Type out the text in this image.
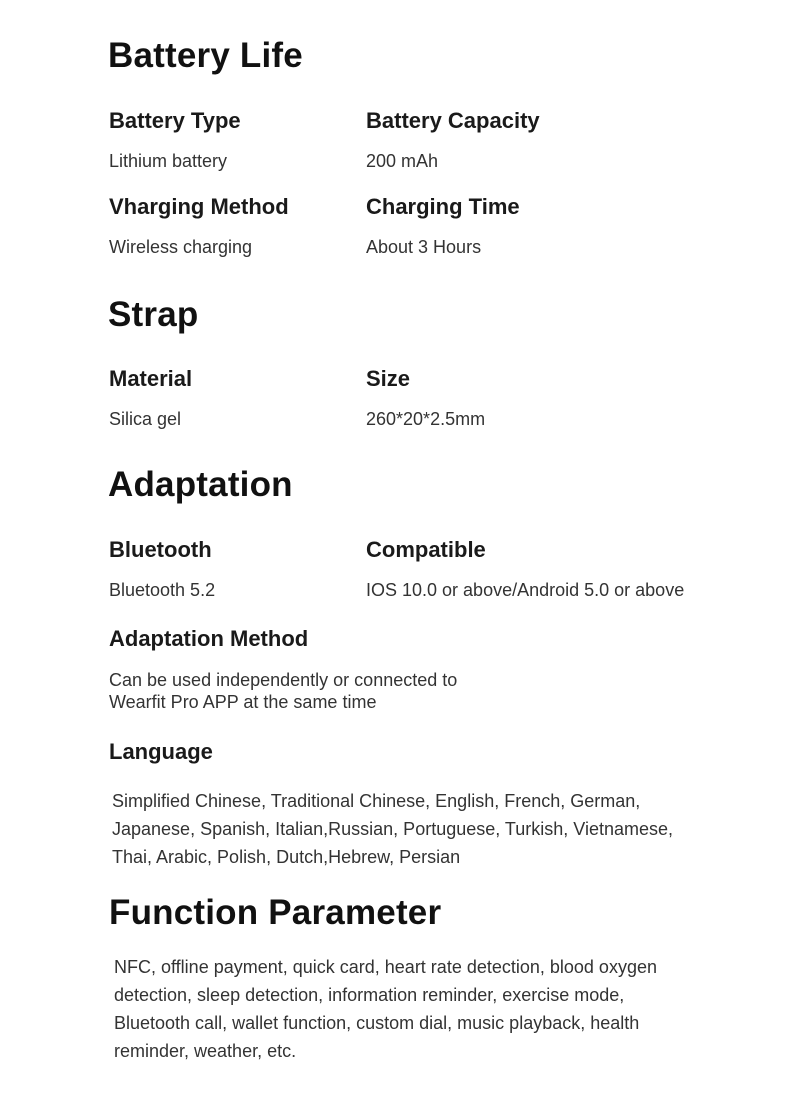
Battery Life
Battery Type
Lithium battery
Battery Capacity
200 mAh
Vharging Method
Wireless charging
Charging Time
About 3 Hours
Strap
Material
Silica gel
Size
260*20*2.5mm
Adaptation
Bluetooth
Bluetooth 5.2
Compatible
IOS 10.0 or above/Android 5.0 or above
Adaptation Method
Can be used independently or connected to
Wearfit Pro APP at the same time
Language
Simplified Chinese, Traditional Chinese, English, French, German,
Japanese, Spanish, Italian,Russian, Portuguese, Turkish, Vietnamese,
Thai, Arabic, Polish, Dutch,Hebrew, Persian
Function Parameter
NFC, offline payment, quick card, heart rate detection, blood oxygen
detection, sleep detection, information reminder, exercise mode,
Bluetooth call, wallet function, custom dial, music playback, health
reminder, weather, etc.
